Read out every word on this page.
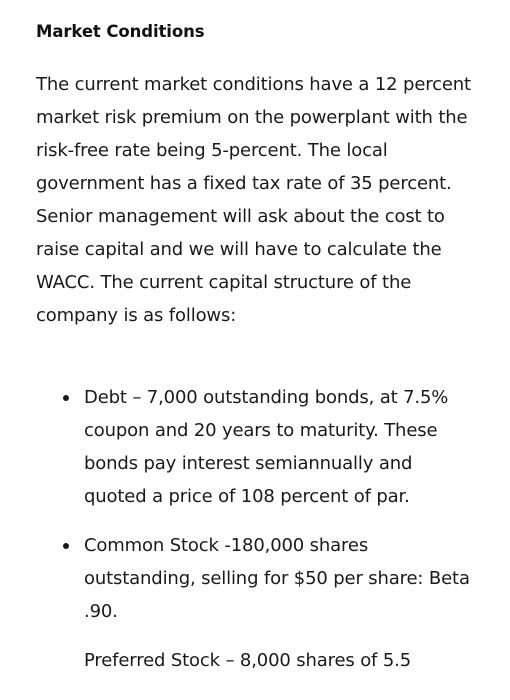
Market Conditions

The current market conditions have a 12 percent market risk premium on the powerplant with the risk-free rate being 5-percent. The local government has a fixed tax rate of 35 percent. Senior management will ask about the cost to raise capital and we will have to calculate the WACC. The current capital structure of the company is as follows:

Debt – 7,000 outstanding bonds, at 7.5% coupon and 20 years to maturity. These bonds pay interest semiannually and quoted a price of 108 percent of par.
Common Stock -180,000 shares outstanding, selling for $50 per share: Beta .90.
Preferred Stock – 8,000 shares of 5.5
